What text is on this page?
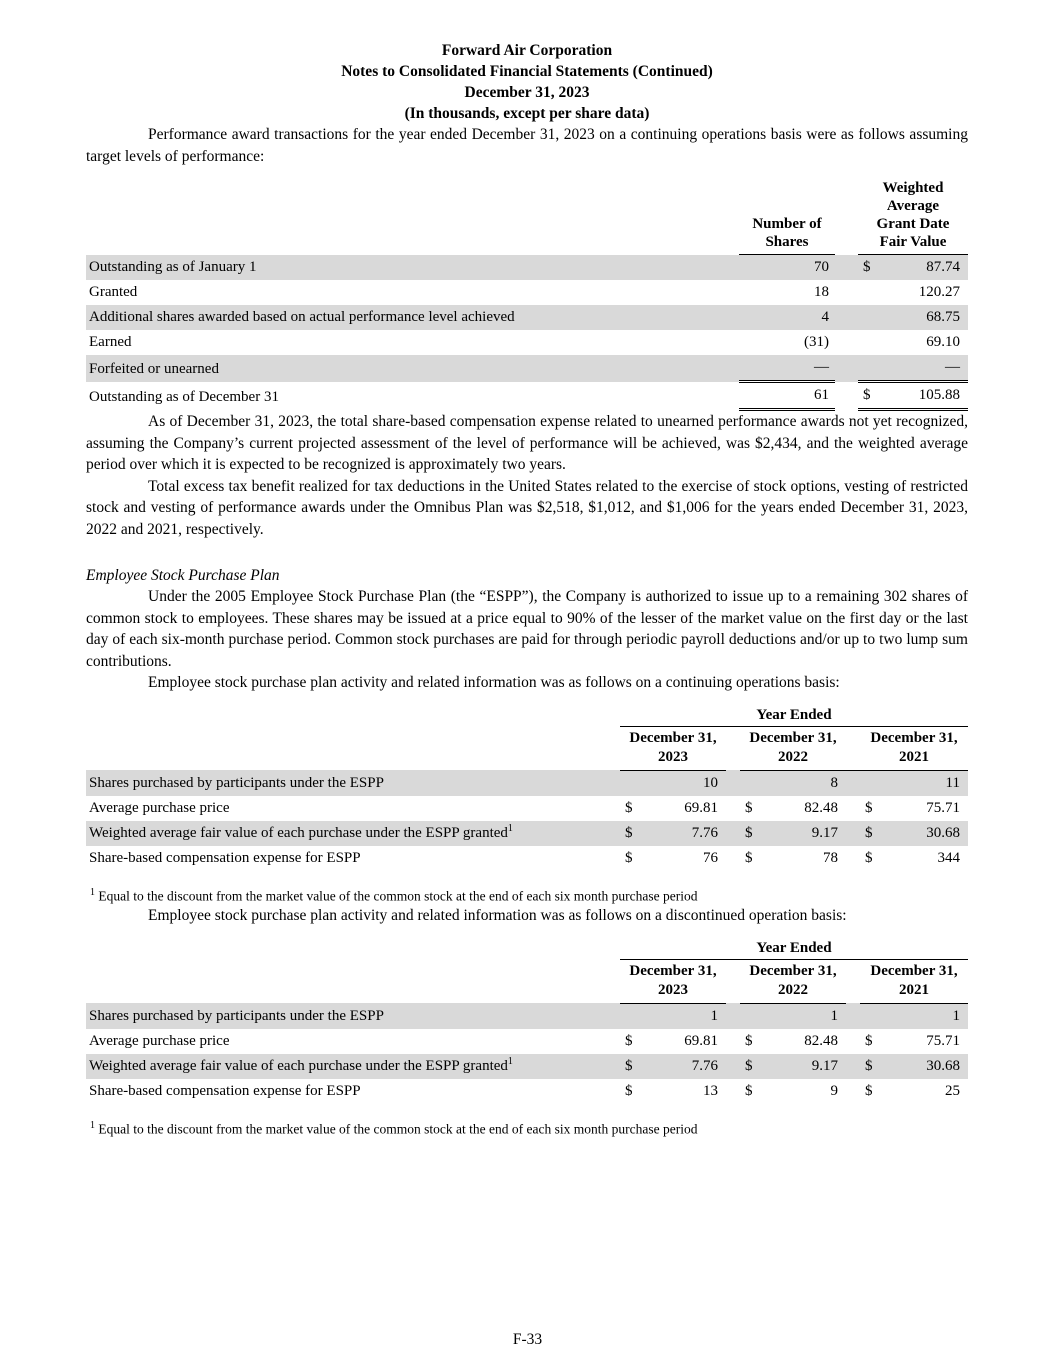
Forward Air Corporation
Notes to Consolidated Financial Statements (Continued)
December 31, 2023
(In thousands, except per share data)

Performance award transactions for the year ended December 31, 2023 on a continuing operations basis were as follows assuming target levels of performance:

	Number of Shares		Weighted Average Grant Date Fair Value	
Outstanding as of January 1	70		$	87.74
Granted	18			120.27
Additional shares awarded based on actual performance level achieved	4			68.75
Earned	(31)			69.10
Forfeited or unearned	—			—
Outstanding as of December 31	61		$	105.88

As of December 31, 2023, the total share-based compensation expense related to unearned performance awards not yet recognized, assuming the Company’s current projected assessment of the level of performance will be achieved, was $2,434, and the weighted average period over which it is expected to be recognized is approximately two years.

Total excess tax benefit realized for tax deductions in the United States related to the exercise of stock options, vesting of restricted stock and vesting of performance awards under the Omnibus Plan was $2,518, $1,012, and $1,006 for the years ended December 31, 2023, 2022 and 2021, respectively.

Employee Stock Purchase Plan

Under the 2005 Employee Stock Purchase Plan (the “ESPP”), the Company is authorized to issue up to a remaining 302 shares of common stock to employees. These shares may be issued at a price equal to 90% of the lesser of the market value on the first day or the last day of each six-month purchase period. Common stock purchases are paid for through periodic payroll deductions and/or up to two lump sum contributions.

Employee stock purchase plan activity and related information was as follows on a continuing operations basis:

	Year Ended							
	December 31, 2023			December 31, 2022			December 31, 2021	
Shares purchased by participants under the ESPP		10			8			11
Average purchase price	$	69.81		$	82.48		$	75.71
Weighted average fair value of each purchase under the ESPP granted$^1$	$	7.76		$	9.17		$	30.68
Share-based compensation expense for ESPP	$	76		$	78		$	344

$^1$ Equal to the discount from the market value of the common stock at the end of each six month purchase period

Employee stock purchase plan activity and related information was as follows on a discontinued operation basis:

	Year Ended							
	December 31, 2023			December 31, 2022			December 31, 2021	
Shares purchased by participants under the ESPP		1			1			1
Average purchase price	$	69.81		$	82.48		$	75.71
Weighted average fair value of each purchase under the ESPP granted$^1$	$	7.76		$	9.17		$	30.68
Share-based compensation expense for ESPP	$	13		$	9		$	25

$^1$ Equal to the discount from the market value of the common stock at the end of each six month purchase period

F-33
